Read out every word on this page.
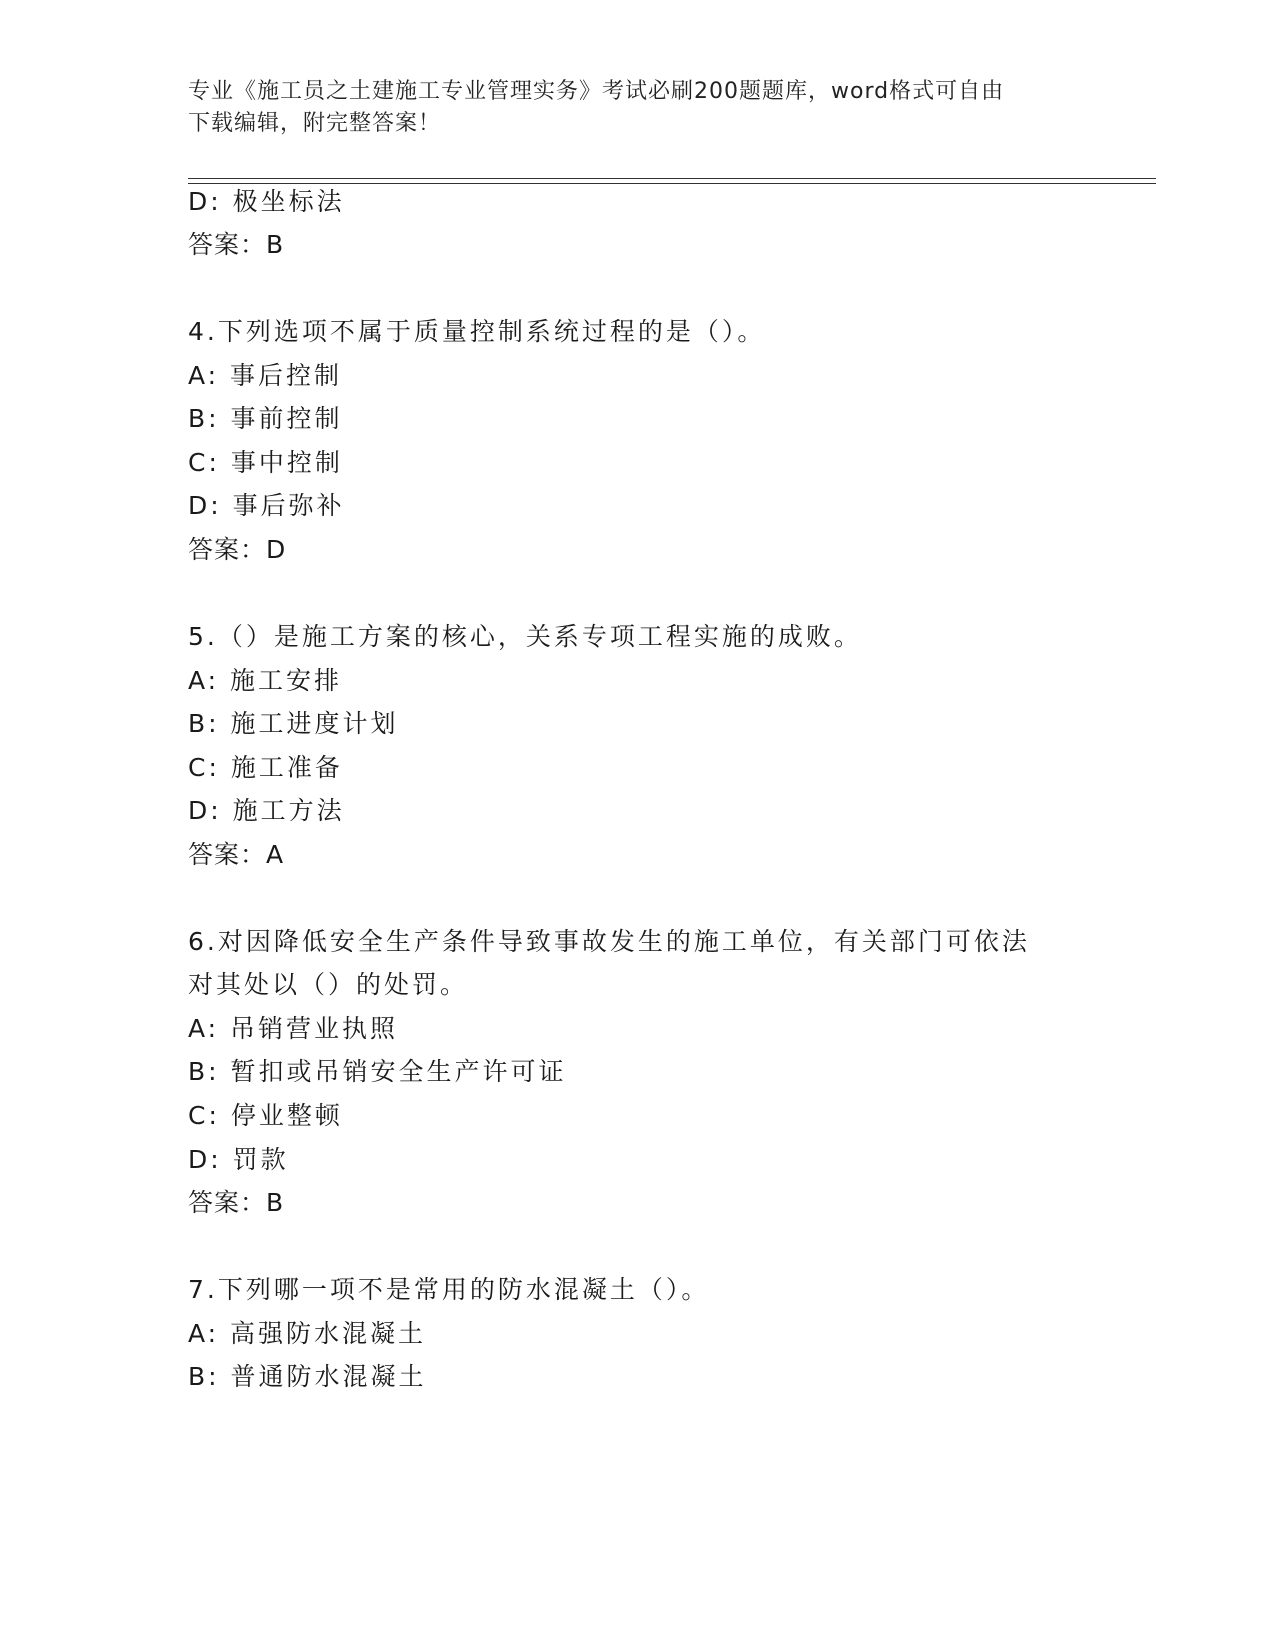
专业《施工员之土建施工专业管理实务》考试必刷200题题库，word格式可自由
下载编辑，附完整答案！
D: 极坐标法
答案：B
4.下列选项不属于质量控制系统过程的是（）。
A: 事后控制
B: 事前控制
C: 事中控制
D: 事后弥补
答案：D
5.（）是施工方案的核心，关系专项工程实施的成败。
A: 施工安排
B: 施工进度计划
C: 施工准备
D: 施工方法
答案：A
6.对因降低安全生产条件导致事故发生的施工单位，有关部门可依法
对其处以（）的处罚。
A: 吊销营业执照
B: 暂扣或吊销安全生产许可证
C: 停业整顿
D: 罚款
答案：B
7.下列哪一项不是常用的防水混凝土（）。
A: 高强防水混凝土
B: 普通防水混凝土
